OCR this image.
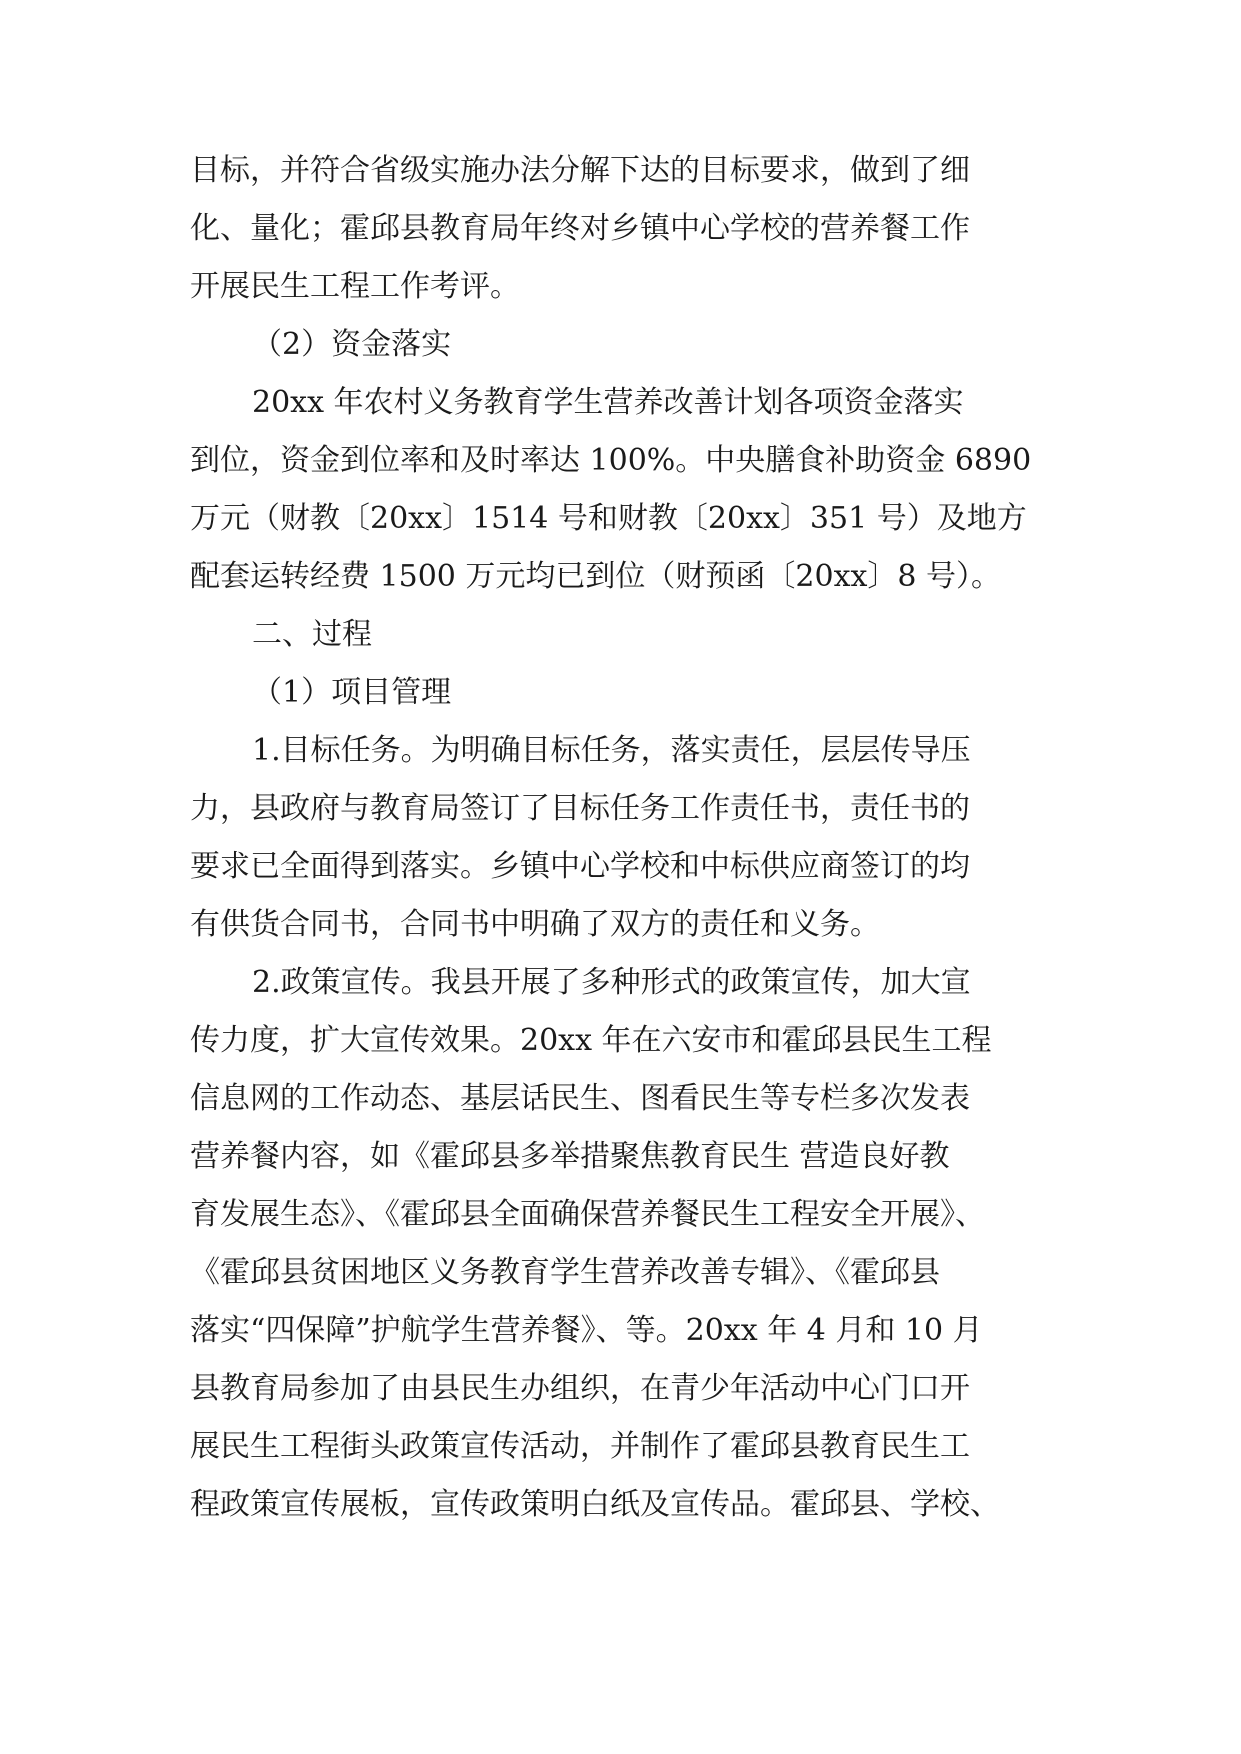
目标，并符合省级实施办法分解下达的目标要求，做到了细
化、量化；霍邱县教育局年终对乡镇中心学校的营养餐工作
开展民生工程工作考评。
（2）资金落实
20xx 年农村义务教育学生营养改善计划各项资金落实
到位，资金到位率和及时率达 100%。中央膳食补助资金 6890
万元（财教〔20xx〕1514 号和财教〔20xx〕351 号）及地方
配套运转经费 1500 万元均已到位（财预函〔20xx〕8 号）。
二、过程
（1）项目管理
1.目标任务。为明确目标任务，落实责任，层层传导压
力，县政府与教育局签订了目标任务工作责任书，责任书的
要求已全面得到落实。乡镇中心学校和中标供应商签订的均
有供货合同书，合同书中明确了双方的责任和义务。
2.政策宣传。我县开展了多种形式的政策宣传，加大宣
传力度，扩大宣传效果。20xx 年在六安市和霍邱县民生工程
信息网的工作动态、基层话民生、图看民生等专栏多次发表
营养餐内容，如《霍邱县多举措聚焦教育民生 营造良好教
育发展生态》、《霍邱县全面确保营养餐民生工程安全开展》、
《霍邱县贫困地区义务教育学生营养改善专辑》、《霍邱县
落实“四保障”护航学生营养餐》、等。20xx 年 4 月和 10 月
县教育局参加了由县民生办组织，在青少年活动中心门口开
展民生工程街头政策宣传活动，并制作了霍邱县教育民生工
程政策宣传展板，宣传政策明白纸及宣传品。霍邱县、学校、
